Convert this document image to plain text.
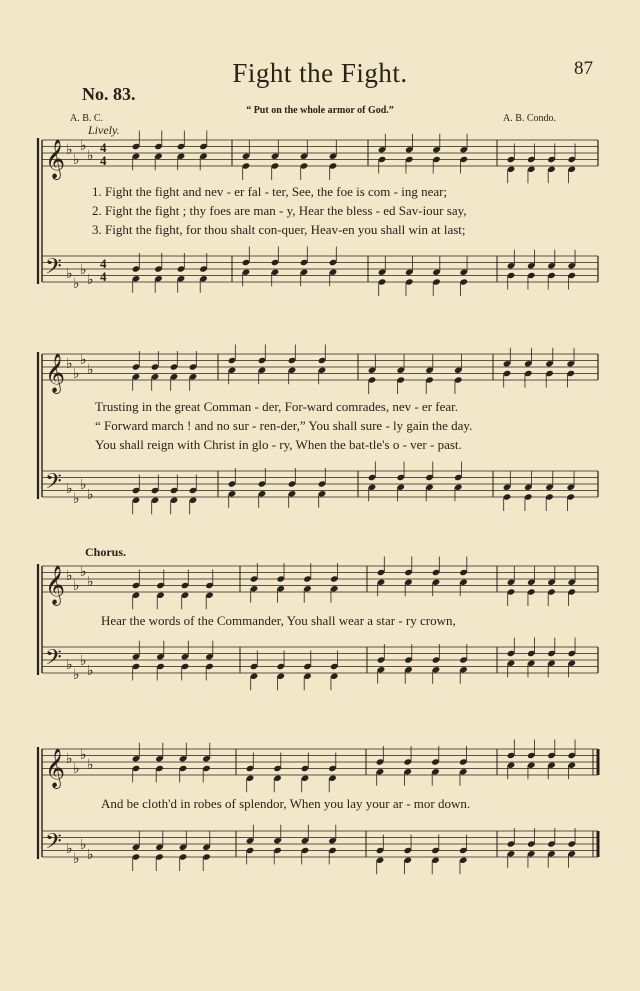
Fight the Fight.	87
No. 83.
“ Put on the whole armor of God.”
A. B. C.	A. B. Condo.
Lively.
Chorus.
𝄞
𝄢
♭
♭
♭
♭
♭
♭
♭
♭
4
4
4
4
𝄞
𝄢
♭
♭
♭
♭
♭
♭
♭
♭
𝄞
𝄢
♭
♭
♭
♭
♭
♭
♭
♭
𝄞
𝄢
♭
♭
♭
♭
♭
♭
♭
♭
1. Fight the fight and nev - er fal - ter, See, the foe is com - ing near;
2. Fight the fight ; thy foes are man - y, Hear the bless - ed Sav-iour say,
3. Fight the fight, for thou shalt con-quer, Heav-en you shall win at last;
Trusting in the great Comman - der, For-ward comrades, nev - er fear.
“ Forward march ! and no sur - ren-der,” You shall sure - ly gain the day.
You shall reign with Christ in glo - ry, When the bat-tle's o - ver - past.
Hear the words of the Commander, You shall wear a star - ry crown,
And be cloth'd in robes of splendor, When you lay your ar - mor down.
